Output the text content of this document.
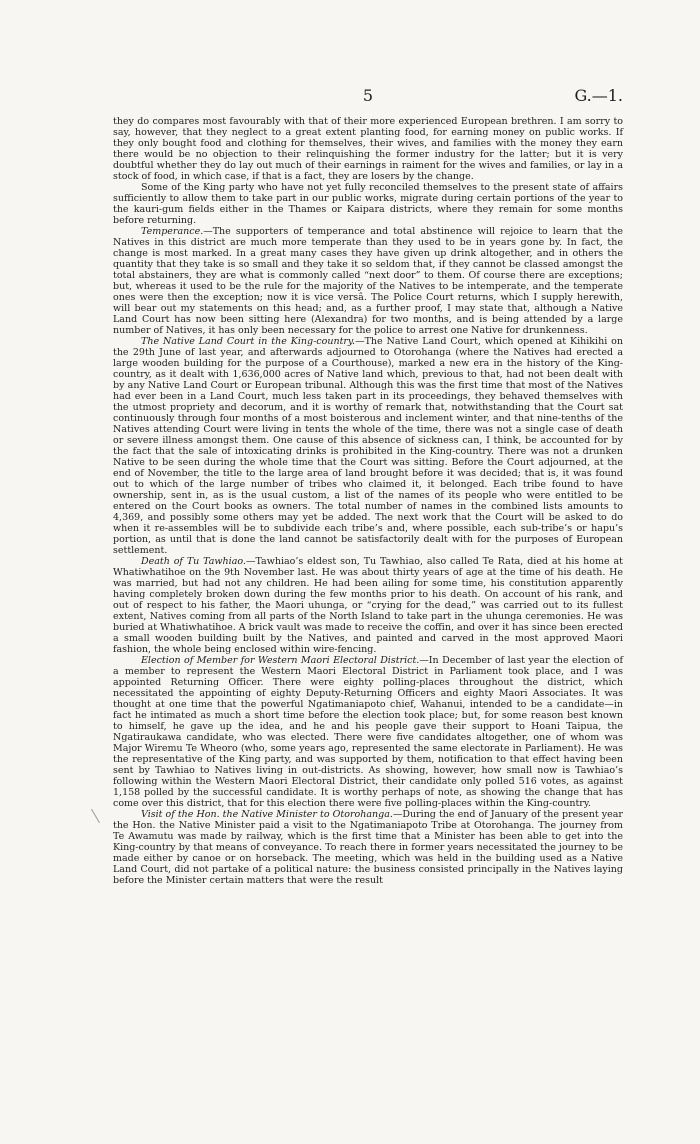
5	G.—1.

they do compares most favourably with that of their more experienced European brethren. I am sorry to say, however, that they neglect to a great extent planting food, for earning money on public works. If they only bought food and clothing for themselves, their wives, and families with the money they earn there would be no objection to their relinquishing the former industry for the latter; but it is very doubtful whether they do lay out much of their earnings in raiment for the wives and families, or lay in a stock of food, in which case, if that is a fact, they are losers by the change.

Some of the King party who have not yet fully reconciled themselves to the present state of affairs sufficiently to allow them to take part in our public works, migrate during certain portions of the year to the kauri-gum fields either in the Thames or Kaipara districts, where they remain for some months before returning.

Temperance.—The supporters of temperance and total abstinence will rejoice to learn that the Natives in this district are much more temperate than they used to be in years gone by. In fact, the change is most marked. In a great many cases they have given up drink altogether, and in others the quantity that they take is so small and they take it so seldom that, if they cannot be classed amongst the total abstainers, they are what is commonly called “next door” to them. Of course there are exceptions; but, whereas it used to be the rule for the majority of the Natives to be intemperate, and the temperate ones were then the exception; now it is vice versâ. The Police Court returns, which I supply herewith, will bear out my statements on this head; and, as a further proof, I may state that, although a Native Land Court has now been sitting here (Alexandra) for two months, and is being attended by a large number of Natives, it has only been necessary for the police to arrest one Native for drunkenness.

The Native Land Court in the King-country.—The Native Land Court, which opened at Kihikihi on the 29th June of last year, and afterwards adjourned to Otorohanga (where the Natives had erected a large wooden building for the purpose of a Courthouse), marked a new era in the history of the King-country, as it dealt with 1,636,000 acres of Native land which, previous to that, had not been dealt with by any Native Land Court or European tribunal. Although this was the first time that most of the Natives had ever been in a Land Court, much less taken part in its proceedings, they behaved themselves with the utmost propriety and decorum, and it is worthy of remark that, notwithstanding that the Court sat continuously through four months of a most boisterous and inclement winter, and that nine-tenths of the Natives attending Court were living in tents the whole of the time, there was not a single case of death or severe illness amongst them. One cause of this absence of sickness can, I think, be accounted for by the fact that the sale of intoxicating drinks is prohibited in the King-country. There was not a drunken Native to be seen during the whole time that the Court was sitting. Before the Court adjourned, at the end of November, the title to the large area of land brought before it was decided; that is, it was found out to which of the large number of tribes who claimed it, it belonged. Each tribe found to have ownership, sent in, as is the usual custom, a list of the names of its people who were entitled to be entered on the Court books as owners. The total number of names in the combined lists amounts to 4,369, and possibly some others may yet be added. The next work that the Court will be asked to do when it re-assembles will be to subdivide each tribe’s and, where possible, each sub-tribe’s or hapu’s portion, as until that is done the land cannot be satisfactorily dealt with for the purposes of European settlement.

Death of Tu Tawhiao.—Tawhiao’s eldest son, Tu Tawhiao, also called Te Rata, died at his home at Whatiwhatihoe on the 9th November last. He was about thirty years of age at the time of his death. He was married, but had not any children. He had been ailing for some time, his constitution apparently having completely broken down during the few months prior to his death. On account of his rank, and out of respect to his father, the Maori uhunga, or “crying for the dead,” was carried out to its fullest extent, Natives coming from all parts of the North Island to take part in the uhunga ceremonies. He was buried at Whatiwhatihoe. A brick vault was made to receive the coffin, and over it has since been erected a small wooden building built by the Natives, and painted and carved in the most approved Maori fashion, the whole being enclosed within wire-fencing.

Election of Member for Western Maori Electoral District.—In December of last year the election of a member to represent the Western Maori Electoral District in Parliament took place, and I was appointed Returning Officer. There were eighty polling-places throughout the district, which necessitated the appointing of eighty Deputy-Returning Officers and eighty Maori Associates. It was thought at one time that the powerful Ngatimaniapoto chief, Wahanui, intended to be a candidate—in fact he intimated as much a short time before the election took place; but, for some reason best known to himself, he gave up the idea, and he and his people gave their support to Hoani Taipua, the Ngatiraukawa candidate, who was elected. There were five candidates altogether, one of whom was Major Wiremu Te Wheoro (who, some years ago, represented the same electorate in Parliament). He was the representative of the King party, and was supported by them, notification to that effect having been sent by Tawhiao to Natives living in out-districts. As showing, however, how small now is Tawhiao’s following within the Western Maori Electoral District, their candidate only polled 516 votes, as against 1,158 polled by the successful candidate. It is worthy perhaps of note, as showing the change that has come over this district, that for this election there were five polling-places within the King-country.

Visit of the Hon. the Native Minister to Otorohanga.—During the end of January of the present year the Hon. the Native Minister paid a visit to the Ngatimaniapoto Tribe at Otorohanga. The journey from Te Awamutu was made by railway, which is the first time that a Minister has been able to get into the King-country by that means of conveyance. To reach there in former years necessitated the journey to be made either by canoe or on horseback. The meeting, which was held in the building used as a Native Land Court, did not partake of a political nature: the business consisted principally in the Natives laying before the Minister certain matters that were the result
